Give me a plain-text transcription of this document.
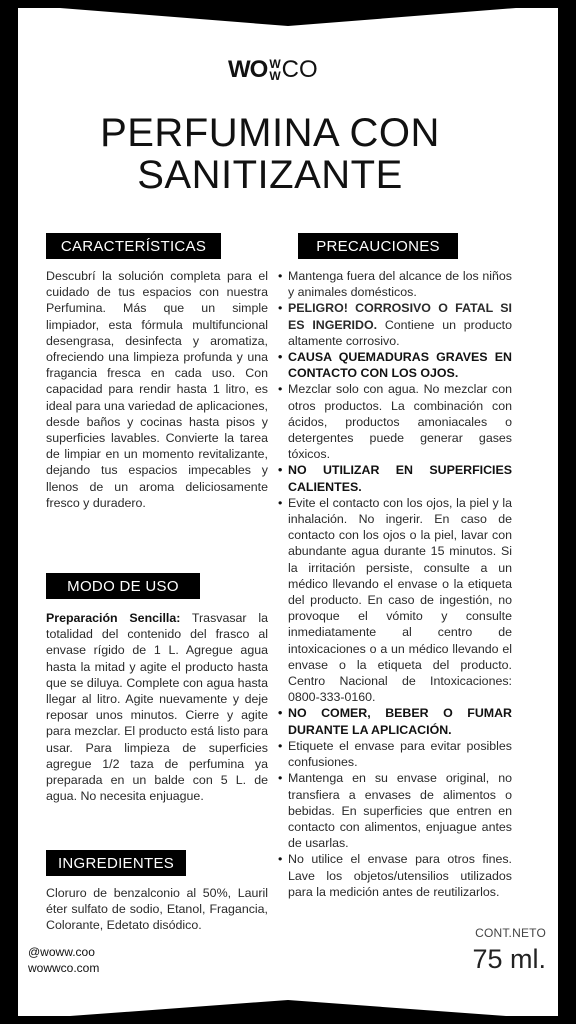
W O W
W CO
PERFUMINA CON
SANITIZANTE
CARACTERÍSTICAS

Descubrí la solución completa para el cuidado de tus espacios con nuestra Perfumina. Más que un simple limpiador, esta fórmula multifuncional desengrasa, desinfecta y aromatiza, ofreciendo una limpieza profunda y una fragancia fresca en cada uso. Con capacidad para rendir hasta 1 litro, es ideal para una variedad de aplicaciones, desde baños y cocinas hasta pisos y superficies lavables. Convierte la tarea de limpiar en un momento revitalizante, dejando tus espacios impecables y llenos de un aroma deliciosamente fresco y duradero.

MODO DE USO

Preparación Sencilla: Trasvasar la totalidad del contenido del frasco al envase rígido de 1 L. Agregue agua hasta la mitad y agite el producto hasta que se diluya. Complete con agua hasta llegar al litro. Agite nuevamente y deje reposar unos minutos. Cierre y agite para mezclar. El producto está listo para usar. Para limpieza de superficies agregue 1/2 taza de perfumina ya preparada en un balde con 5 L. de agua. No necesita enjuague.

INGREDIENTES

Cloruro de benzalconio al 50%, Lauril éter sulfato de sodio, Etanol, Fragancia, Colorante, Edetato disódico.

PRECAUCIONES
• Mantenga fuera del alcance de los niños y animales domésticos.
• PELIGRO! CORROSIVO O FATAL SI ES INGERIDO. Contiene un producto altamente corrosivo.
• CAUSA QUEMADURAS GRAVES EN CONTACTO CON LOS OJOS.
• Mezclar solo con agua. No mezclar con otros productos. La combinación con ácidos, productos amoniacales o detergentes puede generar gases tóxicos.
• NO UTILIZAR EN SUPERFICIES CALIENTES.
• Evite el contacto con los ojos, la piel y la inhalación. No ingerir. En caso de contacto con los ojos o la piel, lavar con abundante agua durante 15 minutos. Si la irritación persiste, consulte a un médico llevando el envase o la etiqueta del producto. En caso de ingestión, no provoque el vómito y consulte inmediatamente al centro de intoxicaciones o a un médico llevando el envase o la etiqueta del producto. Centro Nacional de Intoxicaciones: 0800-333-0160.
• NO COMER, BEBER O FUMAR DURANTE LA APLICACIÓN.
• Etiquete el envase para evitar posibles confusiones.
• Mantenga en su envase original, no transfiera a envases de alimentos o bebidas. En superficies que entren en contacto con alimentos, enjuague antes de usarlas.
• No utilice el envase para otros fines. Lave los objetos/utensilios utilizados para la medición antes de reutilizarlos.
@woww.coo
wowwco.com
CONT.NETO
75 ml.
